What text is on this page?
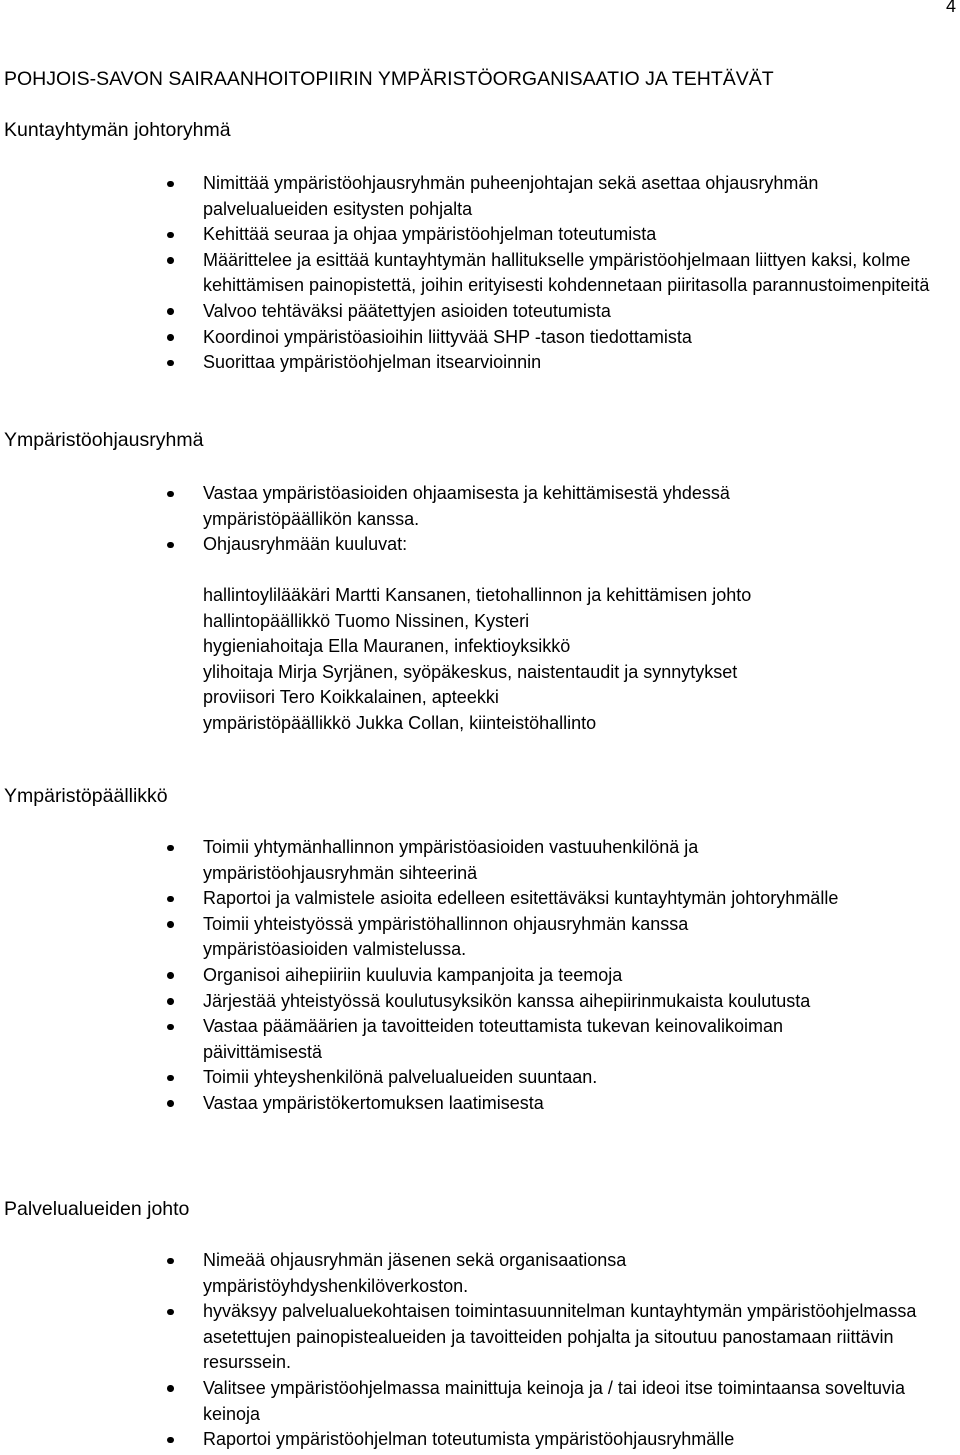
4
POHJOIS-SAVON SAIRAANHOITOPIIRIN YMPÄRISTÖORGANISAATIO JA TEHTÄVÄT
Kuntayhtymän johtoryhmä
Nimittää ympäristöohjausryhmän puheenjohtajan sekä asettaa ohjausryhmän palvelualueiden esitysten pohjalta
Kehittää seuraa ja ohjaa ympäristöohjelman toteutumista
Määrittelee ja esittää kuntayhtymän hallitukselle ympäristöohjelmaan liittyen kaksi, kolme kehittämisen painopistettä, joihin erityisesti kohdennetaan piiritasolla parannustoimenpiteitä
Valvoo tehtäväksi päätettyjen asioiden toteutumista
Koordinoi ympäristöasioihin liittyvää SHP -tason tiedottamista
Suorittaa ympäristöohjelman itsearvioinnin
Ympäristöohjausryhmä
Vastaa ympäristöasioiden ohjaamisesta ja kehittämisestä yhdessä ympäristöpäällikön kanssa.
Ohjausryhmään kuuluvat:
hallintoylilääkäri Martti Kansanen, tietohallinnon ja kehittämisen johto
hallintopäällikkö Tuomo Nissinen, Kysteri
hygieniahoitaja Ella Mauranen, infektioyksikkö
ylihoitaja Mirja Syrjänen, syöpäkeskus, naistentaudit ja synnytykset
proviisori Tero Koikkalainen, apteekki
ympäristöpäällikkö Jukka Collan, kiinteistöhallinto
Ympäristöpäällikkö
Toimii yhtymänhallinnon ympäristöasioiden vastuuhenkilönä ja ympäristöohjausryhmän sihteerinä
Raportoi ja valmistele asioita edelleen esitettäväksi kuntayhtymän johtoryhmälle
Toimii yhteistyössä ympäristöhallinnon ohjausryhmän kanssa ympäristöasioiden valmistelussa.
Organisoi aihepiiriin kuuluvia kampanjoita ja teemoja
Järjestää yhteistyössä koulutusyksikön kanssa aihepiirinmukaista koulutusta
Vastaa päämäärien ja tavoitteiden toteuttamista tukevan keinovalikoiman päivittämisestä
Toimii yhteyshenkilönä palvelualueiden suuntaan.
Vastaa ympäristökertomuksen laatimisesta
Palvelualueiden johto
Nimeää ohjausryhmän jäsenen sekä organisaationsa ympäristöyhdyshenkilöverkoston.
hyväksyy palvelualuekohtaisen toimintasuunnitelman kuntayhtymän ympäristöohjelmassa asetettujen painopistealueiden ja tavoitteiden pohjalta ja sitoutuu panostamaan riittävin resurssein.
Valitsee ympäristöohjelmassa mainittuja keinoja ja / tai ideoi itse toimintaansa soveltuvia keinoja
Raportoi ympäristöohjelman toteutumista ympäristöohjausryhmälle
